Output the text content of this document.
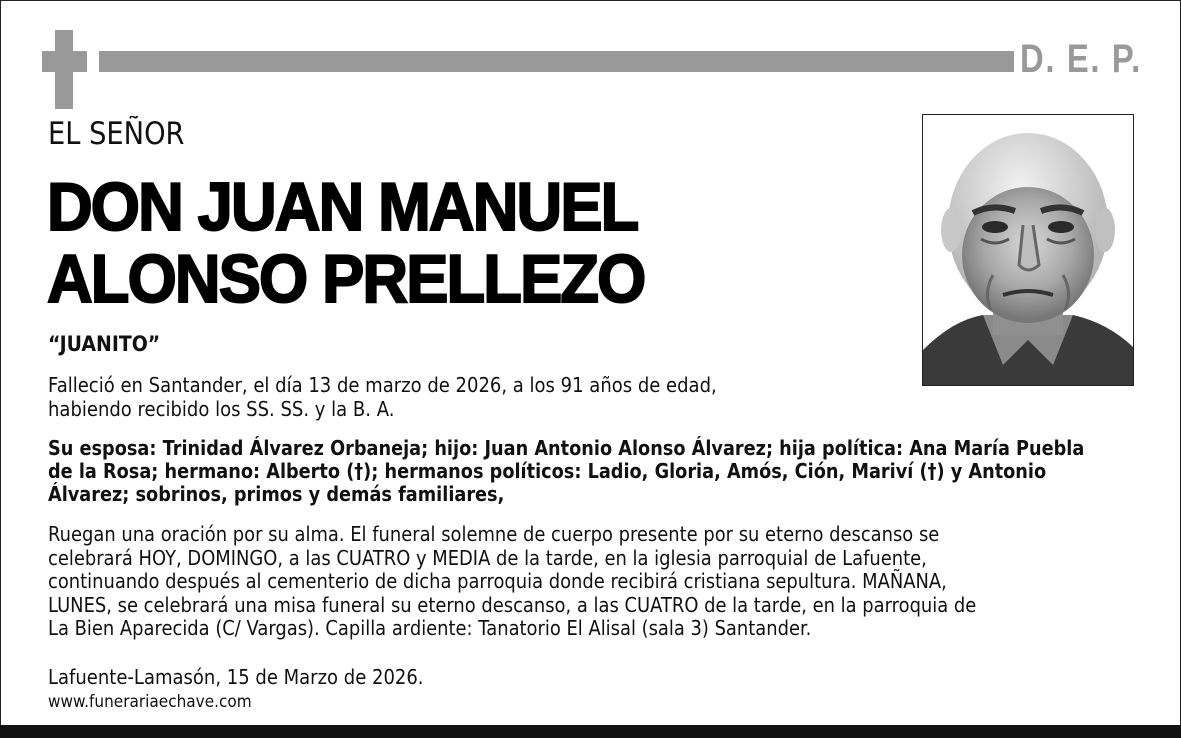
D. E. P.
EL SEÑOR
DON JUAN MANUEL
ALONSO PRELLEZO
“JUANITO”
Falleció en Santander, el día 13 de marzo de 2026, a los 91 años de edad,
habiendo recibido los SS. SS. y la B. A.
Su esposa: Trinidad Álvarez Orbaneja; hijo: Juan Antonio Alonso Álvarez; hija política: Ana María Puebla
de la Rosa; hermano: Alberto (†); hermanos políticos: Ladio, Gloria, Amós, Ción, Mariví (†) y Antonio
Álvarez; sobrinos, primos y demás familiares,
Ruegan una oración por su alma. El funeral solemne de cuerpo presente por su eterno descanso se
celebrará HOY, DOMINGO, a las CUATRO y MEDIA de la tarde, en la iglesia parroquial de Lafuente,
continuando después al cementerio de dicha parroquia donde recibirá cristiana sepultura. MAÑANA,
LUNES, se celebrará una misa funeral su eterno descanso, a las CUATRO de la tarde, en la parroquia de
La Bien Aparecida (C/ Vargas). Capilla ardiente: Tanatorio El Alisal (sala 3) Santander.
Lafuente-Lamasón, 15 de Marzo de 2026.
www.funerariaechave.com
